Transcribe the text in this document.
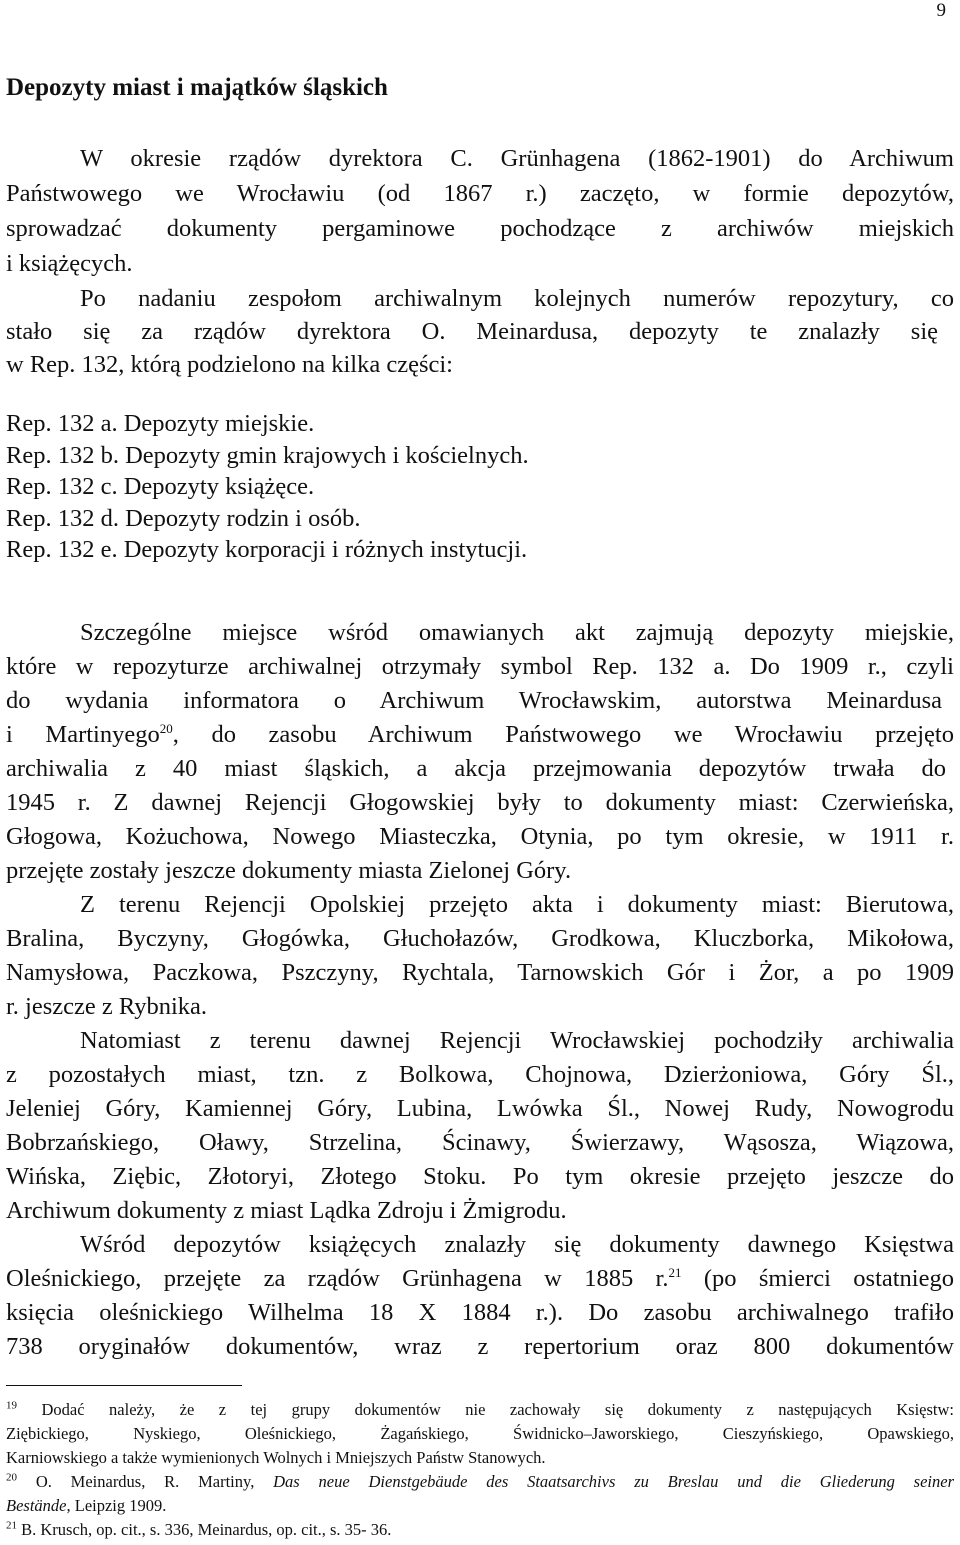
9
Depozyty miast i majątków śląskich
W okresie rządów dyrektora C. Grünhagena (1862-1901) do Archiwum
Państwowego we Wrocławiu (od 1867 r.) zaczęto, w formie depozytów,
sprowadzać dokumenty pergaminowe pochodzące z archiwów miejskich
i książęcych.
Po nadaniu zespołom archiwalnym kolejnych numerów repozytury, co
stało się za rządów dyrektora O. Meinardusa, depozyty te znalazły się
w Rep. 132, którą podzielono na kilka części:
Rep. 132 a. Depozyty miejskie.
Rep. 132 b. Depozyty gmin krajowych i kościelnych.
Rep. 132 c. Depozyty książęce.
Rep. 132 d. Depozyty rodzin i osób.
Rep. 132 e. Depozyty korporacji i różnych instytucji.
Szczególne miejsce wśród omawianych akt zajmują depozyty miejskie,
które w repozyturze archiwalnej otrzymały symbol Rep. 132 a. Do 1909 r., czyli
do wydania informatora o Archiwum Wrocławskim, autorstwa Meinardusa
i Martinyego$^{20}$, do zasobu Archiwum Państwowego we Wrocławiu przejęto
archiwalia z 40 miast śląskich, a akcja przejmowania depozytów trwała do
1945 r. Z dawnej Rejencji Głogowskiej były to dokumenty miast: Czerwieńska,
Głogowa, Kożuchowa, Nowego Miasteczka, Otynia, po tym okresie, w 1911 r.
przejęte zostały jeszcze dokumenty miasta Zielonej Góry.
Z terenu Rejencji Opolskiej przejęto akta i dokumenty miast: Bierutowa,
Bralina, Byczyny, Głogówka, Głuchołazów, Grodkowa, Kluczborka, Mikołowa,
Namysłowa, Paczkowa, Pszczyny, Rychtala, Tarnowskich Gór i Żor, a po 1909
r. jeszcze z Rybnika.
Natomiast z terenu dawnej Rejencji Wrocławskiej pochodziły archiwalia
z pozostałych miast, tzn. z Bolkowa, Chojnowa, Dzierżoniowa, Góry Śl.,
Jeleniej Góry, Kamiennej Góry, Lubina, Lwówka Śl., Nowej Rudy, Nowogrodu
Bobrzańskiego, Oławy, Strzelina, Ścinawy, Świerzawy, Wąsosza, Wiązowa,
Wińska, Ziębic, Złotoryi, Złotego Stoku. Po tym okresie przejęto jeszcze do
Archiwum dokumenty z miast Lądka Zdroju i Żmigrodu.
Wśród depozytów książęcych znalazły się dokumenty dawnego Księstwa
Oleśnickiego, przejęte za rządów Grünhagena w 1885 r.$^{21}$ (po śmierci ostatniego
księcia oleśnickiego Wilhelma 18 X 1884 r.). Do zasobu archiwalnego trafiło
738 oryginałów dokumentów, wraz z repertorium oraz 800 dokumentów
$^{19}$ Dodać należy, że z tej grupy dokumentów nie zachowały się dokumenty z następujących Księstw:
Ziębickiego, Nyskiego, Oleśnickiego, Żagańskiego, Świdnicko–Jaworskiego, Cieszyńskiego, Opawskiego,
Karniowskiego a także wymienionych Wolnych i Mniejszych Państw Stanowych.
$^{20}$ O. Meinardus, R. Martiny, Das neue Dienstgebäude des Staatsarchivs zu Breslau und die Gliederung seiner
Bestände, Leipzig 1909.
$^{21}$ B. Krusch, op. cit., s. 336, Meinardus, op. cit., s. 35- 36.
